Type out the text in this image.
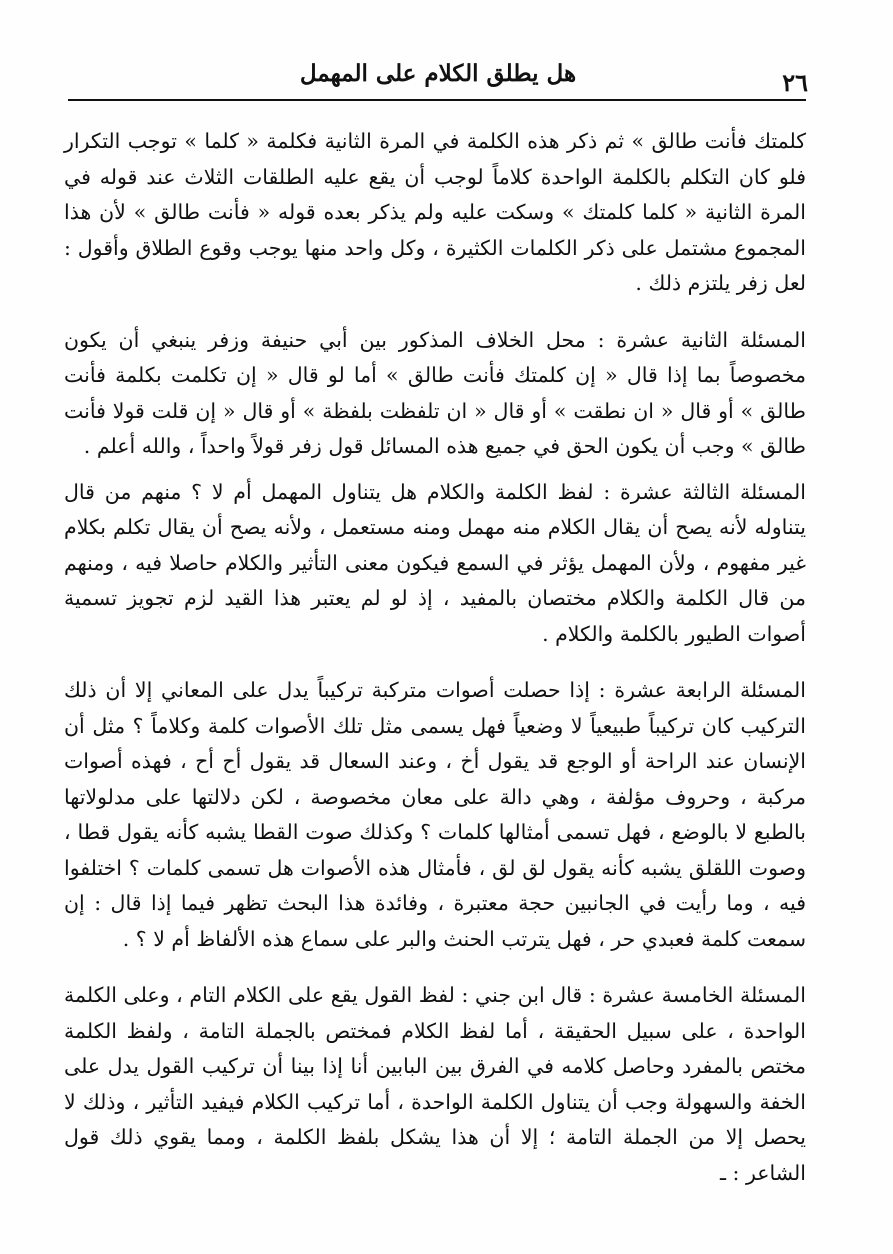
٢٦
هل يطلق الكلام على المهمل

كلمتك فأنت طالق » ثم ذكر هذه الكلمة في المرة الثانية فكلمة « كلما » توجب التكرار فلو كان التكلم بالكلمة الواحدة كلاماً لوجب أن يقع عليه الطلقات الثلاث عند قوله في المرة الثانية « كلما كلمتك » وسكت عليه ولم يذكر بعده قوله « فأنت طالق » لأن هذا المجموع مشتمل على ذكر الكلمات الكثيرة ، وكل واحد منها يوجب وقوع الطلاق وأقول : لعل زفر يلتزم ذلك .

المسئلة الثانية عشرة : محل الخلاف المذكور بين أبي حنيفة وزفر ينبغي أن يكون مخصوصاً بما إذا قال « إن كلمتك فأنت طالق » أما لو قال « إن تكلمت بكلمة فأنت طالق » أو قال « ان نطقت » أو قال « ان تلفظت بلفظة » أو قال « إن قلت قولا فأنت طالق » وجب أن يكون الحق في جميع هذه المسائل قول زفر قولاً واحداً ، والله أعلم .

المسئلة الثالثة عشرة : لفظ الكلمة والكلام هل يتناول المهمل أم لا ؟ منهم من قال يتناوله لأنه يصح أن يقال الكلام منه مهمل ومنه مستعمل ، ولأنه يصح أن يقال تكلم بكلام غير مفهوم ، ولأن المهمل يؤثر في السمع فيكون معنى التأثير والكلام حاصلا فيه ، ومنهم من قال الكلمة والكلام مختصان بالمفيد ، إذ لو لم يعتبر هذا القيد لزم تجويز تسمية أصوات الطيور بالكلمة والكلام .

المسئلة الرابعة عشرة : إذا حصلت أصوات متركبة تركيباً يدل على المعاني إلا أن ذلك التركيب كان تركيباً طبيعياً لا وضعياً فهل يسمى مثل تلك الأصوات كلمة وكلاماً ؟ مثل أن الإنسان عند الراحة أو الوجع قد يقول أخ ، وعند السعال قد يقول أح أح ، فهذه أصوات مركبة ، وحروف مؤلفة ، وهي دالة على معان مخصوصة ، لكن دلالتها على مدلولاتها بالطبع لا بالوضع ، فهل تسمى أمثالها كلمات ؟ وكذلك صوت القطا يشبه كأنه يقول قطا ، وصوت اللقلق يشبه كأنه يقول لق لق ، فأمثال هذه الأصوات هل تسمى كلمات ؟ اختلفوا فيه ، وما رأيت في الجانبين حجة معتبرة ، وفائدة هذا البحث تظهر فيما إذا قال : إن سمعت كلمة فعبدي حر ، فهل يترتب الحنث والبر على سماع هذه الألفاظ أم لا ؟ .

المسئلة الخامسة عشرة : قال ابن جني : لفظ القول يقع على الكلام التام ، وعلى الكلمة الواحدة ، على سبيل الحقيقة ، أما لفظ الكلام فمختص بالجملة التامة ، ولفظ الكلمة مختص بالمفرد وحاصل كلامه في الفرق بين البابين أنا إذا بينا أن تركيب القول يدل على الخفة والسهولة وجب أن يتناول الكلمة الواحدة ، أما تركيب الكلام فيفيد التأثير ، وذلك لا يحصل إلا من الجملة التامة ؛ إلا أن هذا يشكل بلفظ الكلمة ، ومما يقوي ذلك قول الشاعر : ـ
